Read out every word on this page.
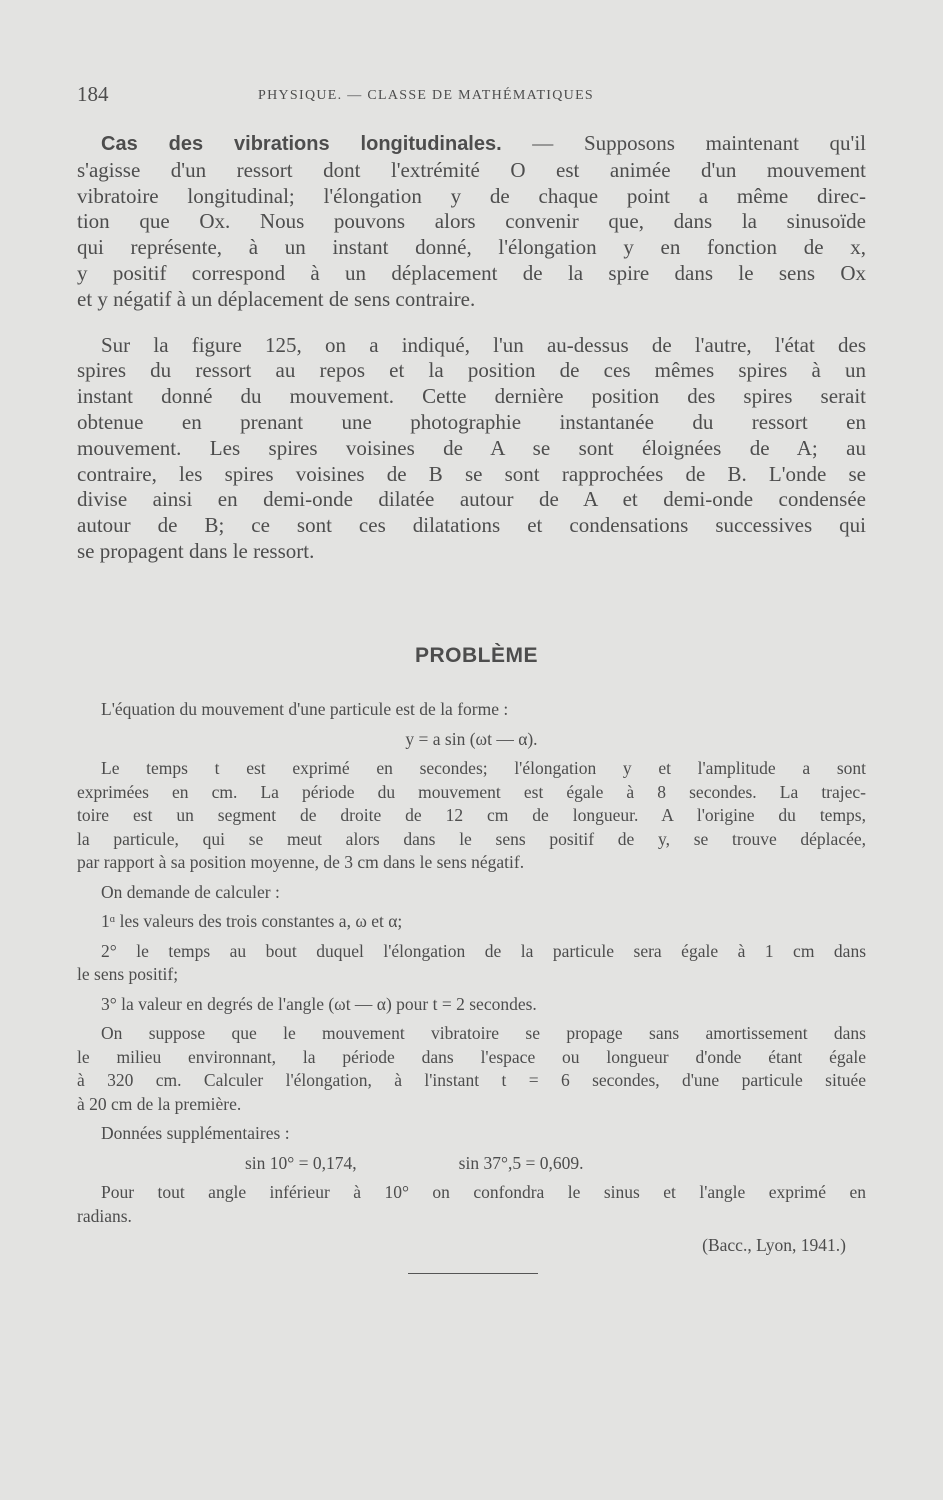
184	PHYSIQUE. — CLASSE DE MATHÉMATIQUES
Cas des vibrations longitudinales. — Supposons maintenant qu'il
s'agisse d'un ressort dont l'extrémité O est animée d'un mouvement
vibratoire longitudinal; l'élongation y de chaque point a même direc-
tion que Ox. Nous pouvons alors convenir que, dans la sinusoïde
qui représente, à un instant donné, l'élongation y en fonction de x,
y positif correspond à un déplacement de la spire dans le sens Ox
et y négatif à un déplacement de sens contraire.
Sur la figure 125, on a indiqué, l'un au-dessus de l'autre, l'état des
spires du ressort au repos et la position de ces mêmes spires à un
instant donné du mouvement. Cette dernière position des spires serait
obtenue en prenant une photographie instantanée du ressort en
mouvement. Les spires voisines de A se sont éloignées de A; au
contraire, les spires voisines de B se sont rapprochées de B. L'onde se
divise ainsi en demi-onde dilatée autour de A et demi-onde condensée
autour de B; ce sont ces dilatations et condensations successives qui
se propagent dans le ressort.
PROBLÈME
L'équation du mouvement d'une particule est de la forme :
y = a sin (ωt — α).
Le temps t est exprimé en secondes; l'élongation y et l'amplitude a sont
exprimées en cm. La période du mouvement est égale à 8 secondes. La trajec-
toire est un segment de droite de 12 cm de longueur. A l'origine du temps,
la particule, qui se meut alors dans le sens positif de y, se trouve déplacée,
par rapport à sa position moyenne, de 3 cm dans le sens négatif.
On demande de calculer :
1ᵅ les valeurs des trois constantes a, ω et α;
2° le temps au bout duquel l'élongation de la particule sera égale à 1 cm dans
le sens positif;
3° la valeur en degrés de l'angle (ωt — α) pour t = 2 secondes.
On suppose que le mouvement vibratoire se propage sans amortissement dans
le milieu environnant, la période dans l'espace ou longueur d'onde étant égale
à 320 cm. Calculer l'élongation, à l'instant t = 6 secondes, d'une particule située
à 20 cm de la première.
Données supplémentaires :
sin 10° = 0,174,	sin 37°,5 = 0,609.
Pour tout angle inférieur à 10° on confondra le sinus et l'angle exprimé en
radians.
(Bacc., Lyon, 1941.)
